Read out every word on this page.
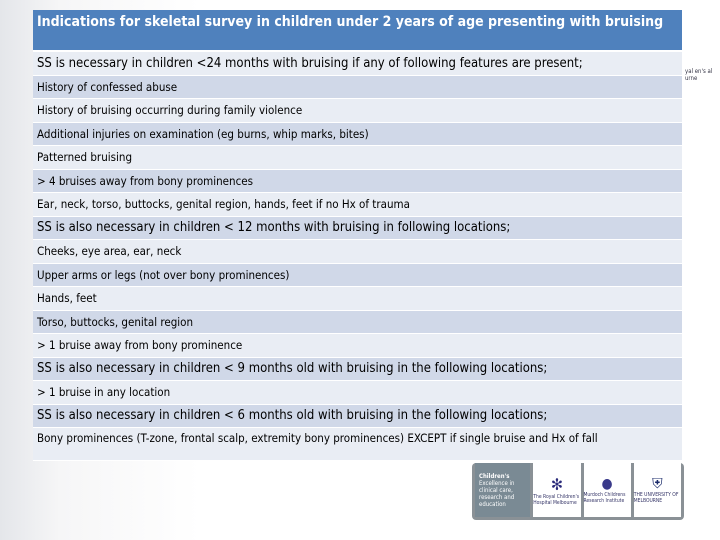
Indications for skeletal survey in children under 2 years of age presenting with bruising
SS is necessary in children <24 months with bruising if any of following features are present;
History of confessed abuse
History of bruising occurring during family violence
Additional injuries on examination (eg burns, whip marks, bites)
Patterned bruising
> 4 bruises away from bony prominences
Ear, neck, torso, buttocks, genital region, hands, feet if no Hx of trauma
SS is also necessary in children < 12 months with bruising in following locations;
Cheeks, eye area, ear, neck
Upper arms or legs (not over bony prominences)
Hands, feet
Torso, buttocks, genital region
> 1 bruise away from bony prominence
SS is also necessary in children < 9 months old with bruising in the following locations;
> 1 bruise in any location
SS is also necessary in children < 6 months old with bruising in the following locations;
Bony prominences (T-zone, frontal scalp, extremity bony prominences) EXCEPT if single bruise and Hx of fall
yal en's al urne
Children's
Excellence in clinical care, research and education
✻
The Royal Children's Hospital Melbourne
●
Murdoch Childrens Research Institute
⛨
THE UNIVERSITY OF MELBOURNE
